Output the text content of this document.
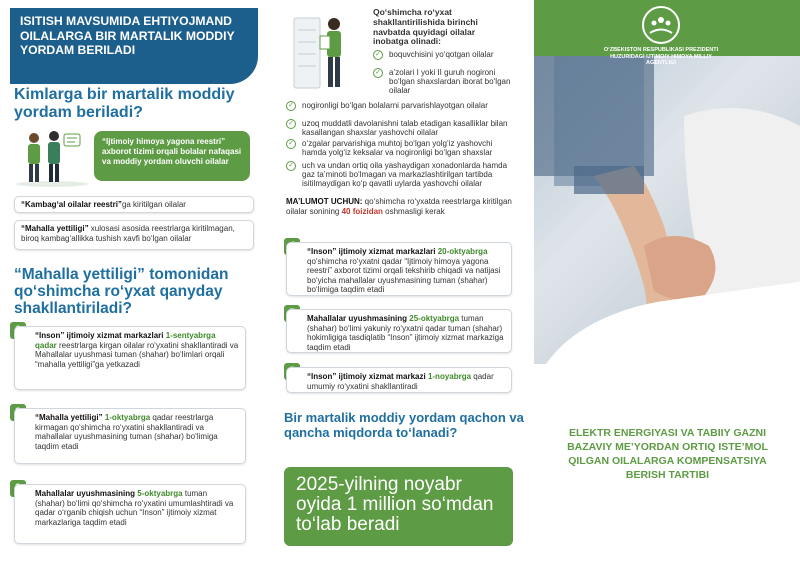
ISITISH MAVSUMIDA EHTIYOJMAND OILALARGA BIR MARTALIK MODDIY YORDAM BERILADI
Kimlarga bir martalik moddiy yordam beriladi?
“Ijtimoiy himoya yagona reestri” axborot tizimi orqali bolalar nafaqasi va moddiy yordam oluvchi oilalar
“Kambag‘al oilalar reestri”ga kiritilgan oilalar
“Mahalla yettiligi” xulosasi asosida reestrlarga kiritilmagan, biroq kambag‘allikka tushish xavfi bo‘lgan oilalar
“Mahalla yettiligi” tomonidan qo‘shimcha ro‘yxat qanyday shakllantiriladi?
“Inson” ijtimoiy xizmat markazlari 1-sentyabrga qadar reestrlarga kirgan oilalar ro‘yxatini shakllantiradi va Mahallalar uyushmasi tuman (shahar) bo‘limlari orqali “mahalla yettiligi”ga yetkazadi
“Mahalla yettiligi” 1-oktyabrga qadar reestrlarga kirmagan qo‘shimcha ro‘yxatini shakllantiradi va mahallalar uyushmasining tuman (shahar) bo‘limiga taqdim etadi
Mahallalar uyushmasining 5-oktyabrga tuman (shahar) bo‘limi qo‘shimcha ro‘yxatini umumlashtiradi va qadar o‘rganib chiqish uchun “Inson” ijtimoiy xizmat markazlariga taqdim etadi
Qo‘shimcha ro‘yxat shakllantirilishida birinchi navbatda quyidagi oilalar inobatga olinadi:
✓ boquvchisini yo‘qotgan oilalar
✓ a’zolari I yoki II guruh nogironi bo‘lgan shaxslardan iborat bo‘lgan oilalar
✓ nogironligi bo‘lgan bolalarni parvarishlayotgan oilalar
✓ uzoq muddatli davolanishni talab etadigan kasalliklar bilan kasallangan shaxslar yashovchi oilalar
✓ o‘zgalar parvarishiga muhtoj bo‘lgan yolg‘iz yashovchi hamda yolg‘iz keksalar va nogironligi bo‘lgan shaxslar
✓ uch va undan ortiq oila yashaydigan xonadonlarda hamda gaz ta’minoti bo‘lmagan va markazlashtirilgan tartibda isitilmaydigan ko‘p qavatli uylarda yashovchi oilalar
MA’LUMOT UCHUN: qo‘shimcha ro‘yxatda reestrlarga kiritilgan oilalar sonining 40 foizidan oshmasligi kerak
“Inson” ijtimoiy xizmat markazlari 20-oktyabrga qo‘shimcha ro‘yxatni qadar “Ijtimoiy himoya yagona reestri” axborot tizimi orqali tekshirib chiqadi va natijasi bo‘yicha mahallalar uyushmasining tuman (shahar) bo‘limiga taqdim etadi
Mahallalar uyushmasining 25-oktyabrga tuman (shahar) bo‘limi yakuniy ro‘yxatni qadar tuman (shahar) hokimligiga tasdiqlatib “Inson” ijtimoiy xizmat markaziga taqdim etadi
“Inson” ijtimoiy xizmat markazi 1-noyabrga qadar umumiy ro‘yxatini shakllantiradi
Bir martalik moddiy yordam qachon va qancha miqdorda to‘lanadi?
2025-yilning noyabr oyida 1 million so‘mdan to‘lab beradi
O‘ZBEKISTON RESPUBLIKASI PREZIDENTI HUZURIDAGI IJTIMOIY HIMOYA MILLIY AGENTLIGI
ELEKTR ENERGIYASI VA TABIIY GAZNI BAZAVIY ME’YORDAN ORTIQ ISTE’MOL QILGAN OILALARGA KOMPENSATSIYA BERISH TARTIBI
